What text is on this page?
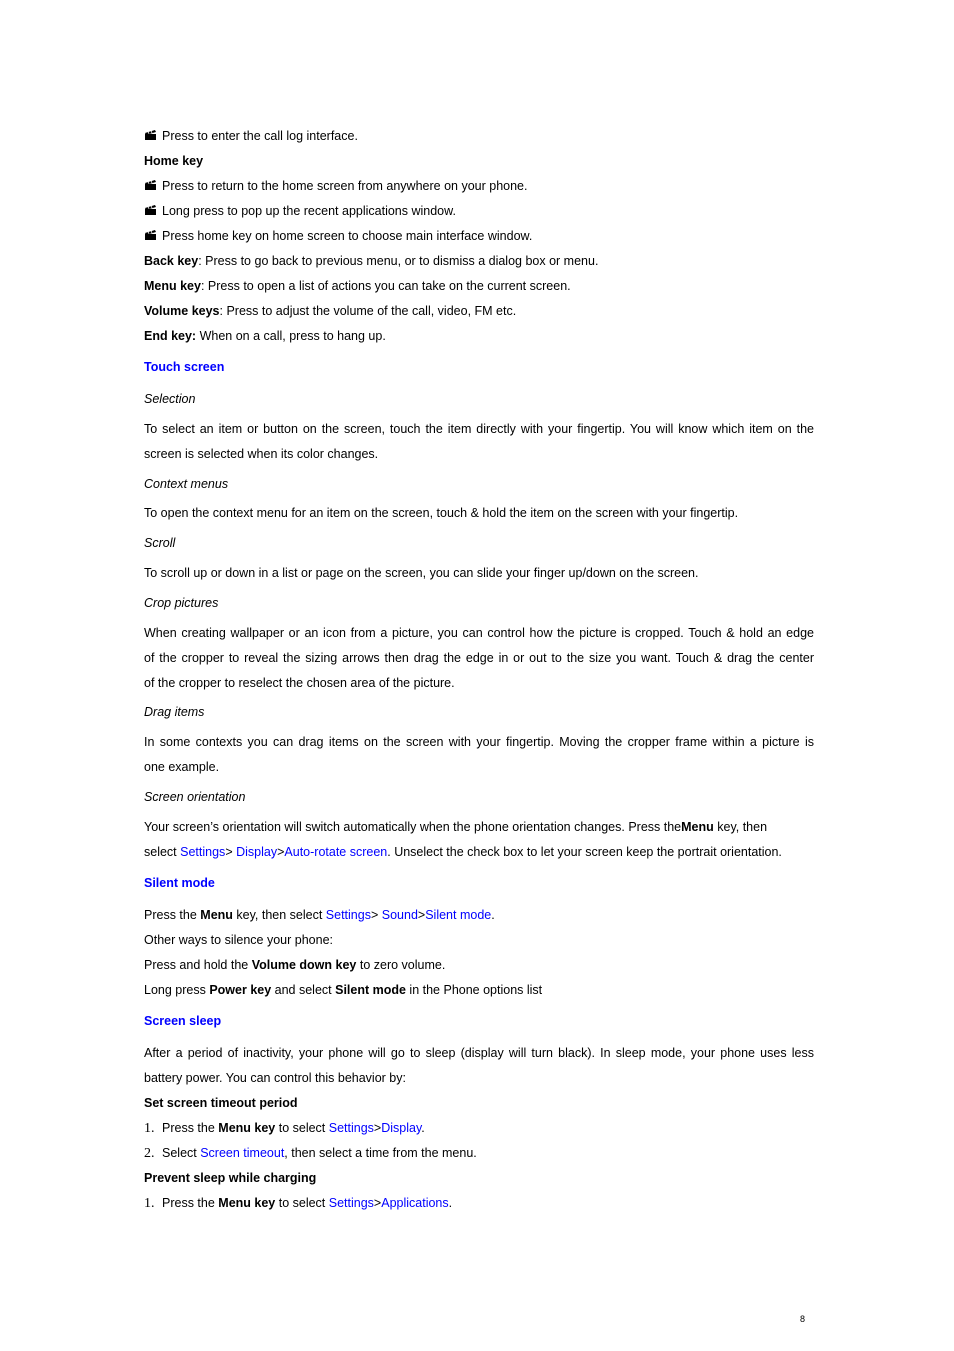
Press to enter the call log interface.
Home key
Press to return to the home screen from anywhere on your phone.
Long press to pop up the recent applications window.
Press home key on home screen to choose main interface window.
Back key: Press to go back to previous menu, or to dismiss a dialog box or menu.
Menu key: Press to open a list of actions you can take on the current screen.
Volume keys: Press to adjust the volume of the call, video, FM etc.
End key: When on a call, press to hang up.
Touch screen
Selection
To select an item or button on the screen, touch the item directly with your fingertip. You will know which item on the
screen is selected when its color changes.
Context menus
To open the context menu for an item on the screen, touch & hold the item on the screen with your fingertip.
Scroll
To scroll up or down in a list or page on the screen, you can slide your finger up/down on the screen.
Crop pictures
When creating wallpaper or an icon from a picture, you can control how the picture is cropped. Touch & hold an edge
of the cropper to reveal the sizing arrows then drag the edge in or out to the size you want. Touch & drag the center
of the cropper to reselect the chosen area of the picture.
Drag items
In some contexts you can drag items on the screen with your fingertip. Moving the cropper frame within a picture is
one example.
Screen orientation
Your screen’s orientation will switch automatically when the phone orientation changes. Press theMenu key, then
select Settings> Display>Auto-rotate screen. Unselect the check box to let your screen keep the portrait orientation.
Silent mode
Press the Menu key, then select Settings> Sound>Silent mode.
Other ways to silence your phone:
Press and hold the Volume down key to zero volume.
Long press Power key and select Silent mode in the Phone options list
Screen sleep
After a period of inactivity, your phone will go to sleep (display will turn black). In sleep mode, your phone uses less
battery power. You can control this behavior by:
Set screen timeout period
1. Press the Menu key to select Settings>Display.
2. Select Screen timeout, then select a time from the menu.
Prevent sleep while charging
1. Press the Menu key to select Settings>Applications.
8
